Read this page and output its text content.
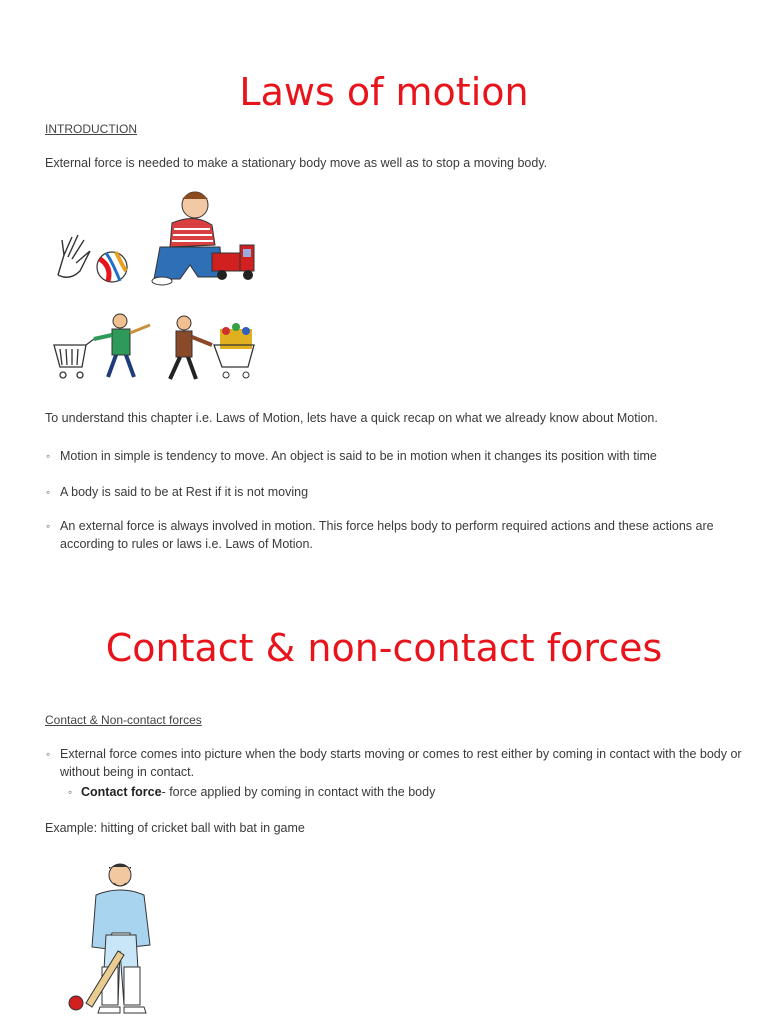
Laws of motion

INTRODUCTION

External force is needed to make a stationary body move as well as to stop a moving body.

To understand this chapter i.e. Laws of Motion, lets have a quick recap on what we already know about Motion.

◦ Motion in simple is tendency to move. An object is said to be in motion when it changes its position with time

◦ A body is said to be at Rest if it is not moving

◦ An external force is always involved in motion. This force helps body to perform required actions and these actions are according to rules or laws i.e. Laws of Motion.

Contact & non-contact forces

Contact & Non-contact forces

◦ External force comes into picture when the body starts moving or comes to rest either by coming in contact with the body or without being in contact.

◦ Contact force- force applied by coming in contact with the body

Example: hitting of cricket ball with bat in game
